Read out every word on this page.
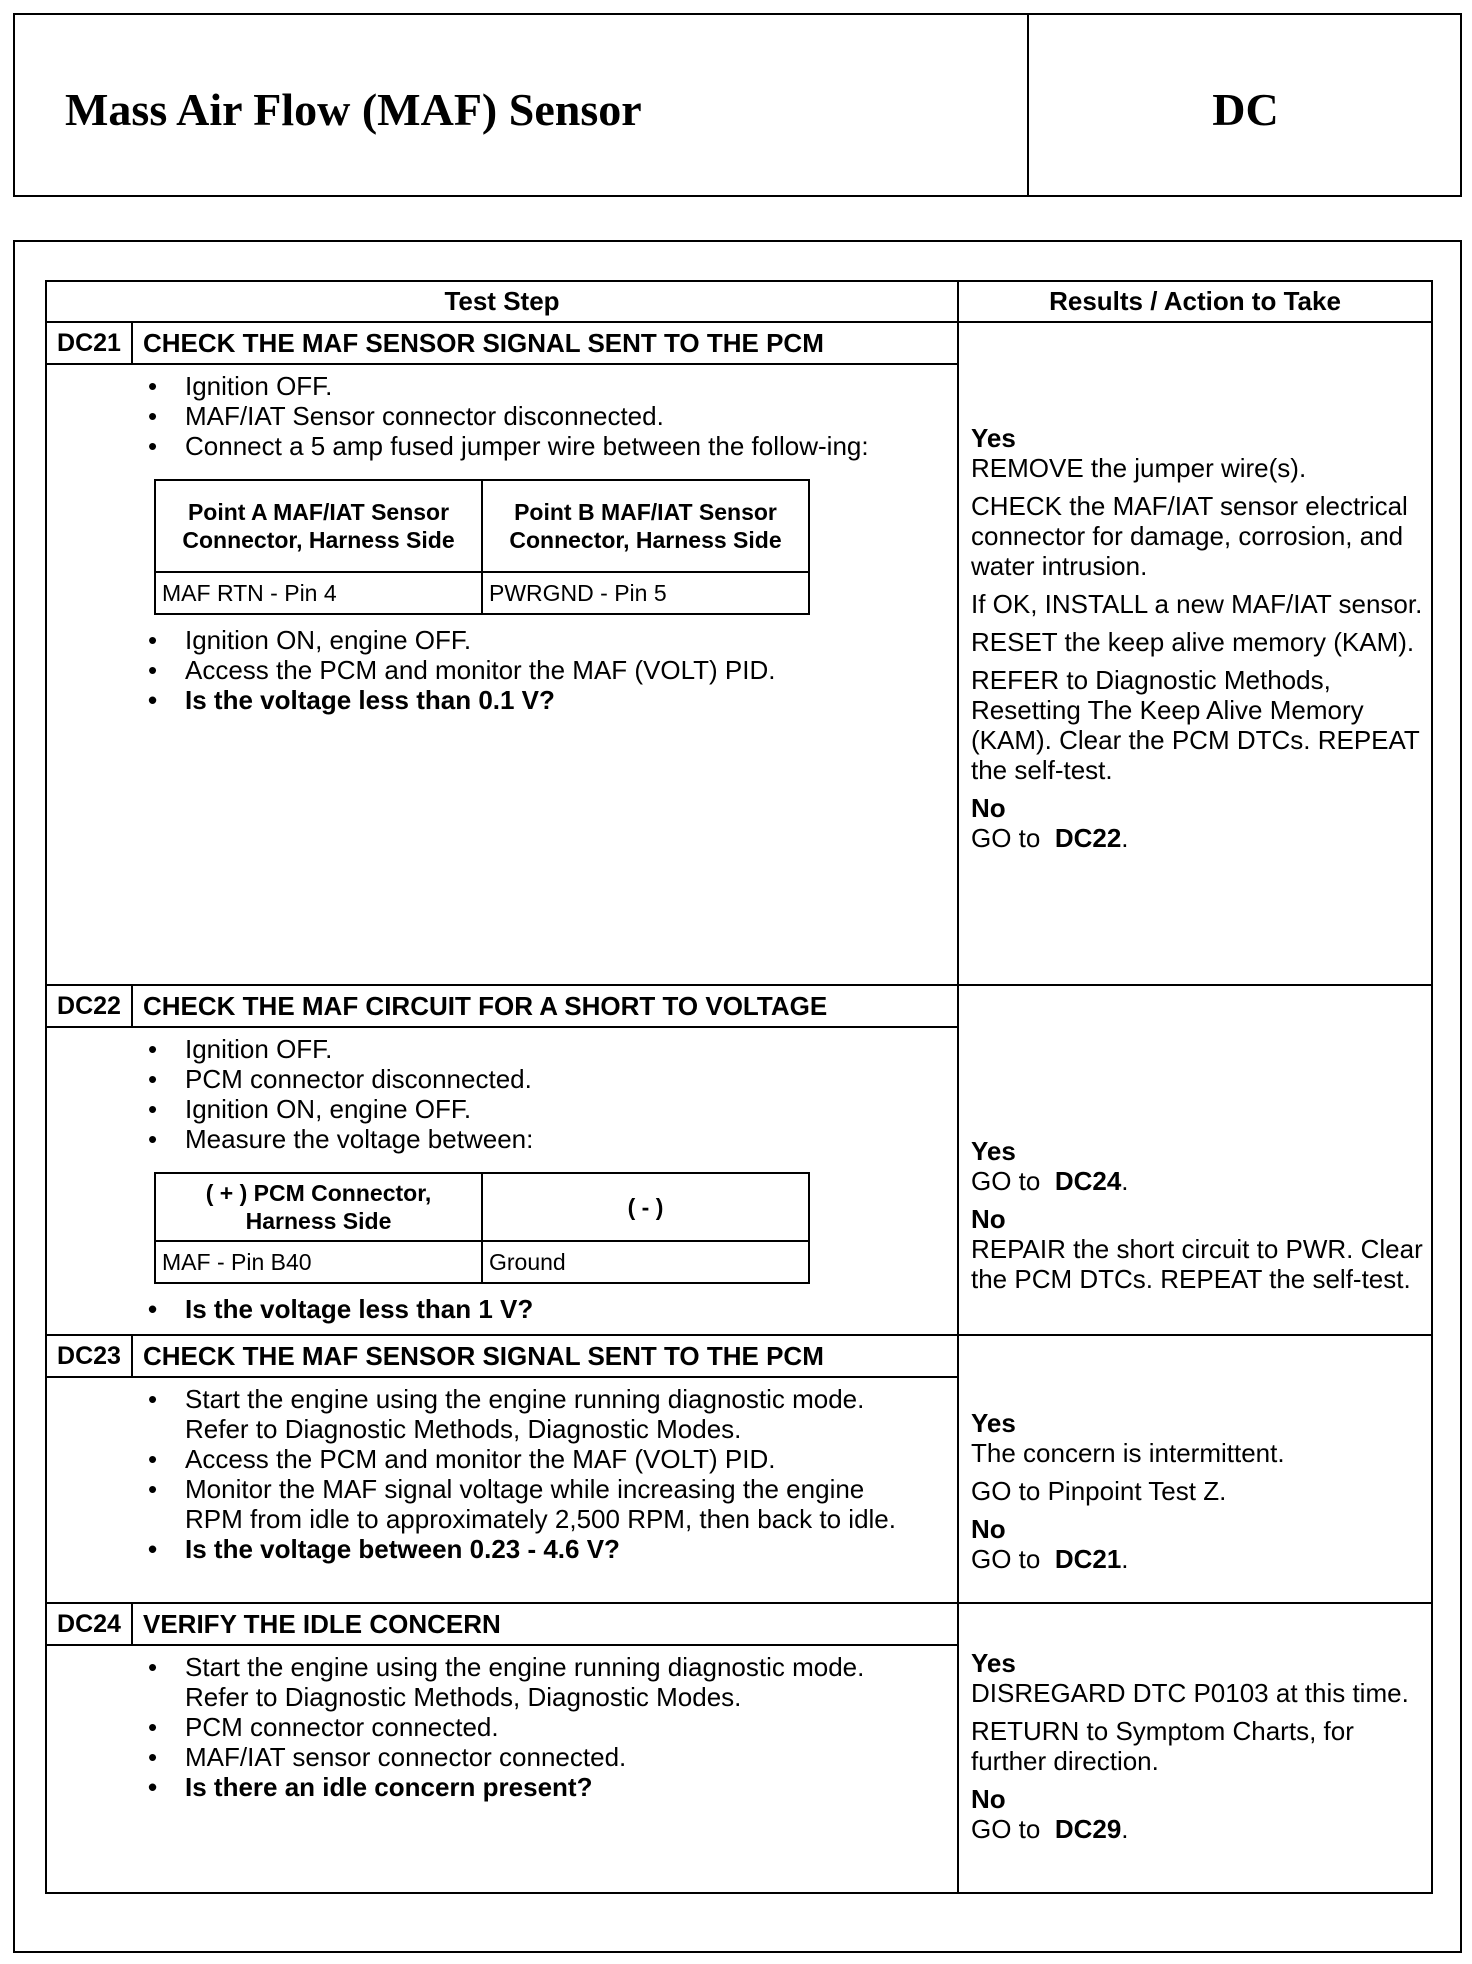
Mass Air Flow (MAF) Sensor	DC
Test Step	Results / Action to Take

DC21 CHECK THE MAF SENSOR SIGNAL SENT TO THE PCM
• Ignition OFF.
• MAF/IAT Sensor connector disconnected.
• Connect a 5 amp fused jumper wire between the follow-ing:
Point A MAF/IAT Sensor Connector, Harness Side	Point B MAF/IAT Sensor Connector, Harness Side
MAF RTN - Pin 4	PWRGND - Pin 5
• Ignition ON, engine OFF.
• Access the PCM and monitor the MAF (VOLT) PID.
• Is the voltage less than 0.1 V?

Yes

REMOVE the jumper wire(s).

CHECK the MAF/IAT sensor electrical connector for damage, corrosion, and water intrusion.

If OK, INSTALL a new MAF/IAT sensor.

RESET the keep alive memory (KAM).

REFER to Diagnostic Methods, Resetting The Keep Alive Memory (KAM). Clear the PCM DTCs. REPEAT the self-test.

No
GO to DC22.

DC22 CHECK THE MAF CIRCUIT FOR A SHORT TO VOLTAGE
• Ignition OFF.
• PCM connector disconnected.
• Ignition ON, engine OFF.
• Measure the voltage between:
( + ) PCM Connector, Harness Side	( - )
MAF - Pin B40	Ground
• Is the voltage less than 1 V?

Yes

GO to DC24.

No
REPAIR the short circuit to PWR. Clear the PCM DTCs. REPEAT the self-test.

DC23 CHECK THE MAF SENSOR SIGNAL SENT TO THE PCM
• Start the engine using the engine running diagnostic mode. Refer to Diagnostic Methods, Diagnostic Modes.
• Access the PCM and monitor the MAF (VOLT) PID.
• Monitor the MAF signal voltage while increasing the engine RPM from idle to approximately 2,500 RPM, then back to idle.
• Is the voltage between 0.23 - 4.6 V?

Yes

The concern is intermittent.

GO to Pinpoint Test Z.

No
GO to DC21.

DC24 VERIFY THE IDLE CONCERN
• Start the engine using the engine running diagnostic mode. Refer to Diagnostic Methods, Diagnostic Modes.
• PCM connector connected.
• MAF/IAT sensor connector connected.
• Is there an idle concern present?

Yes

DISREGARD DTC P0103 at this time.

RETURN to Symptom Charts, for further direction.

No
GO to DC29.
